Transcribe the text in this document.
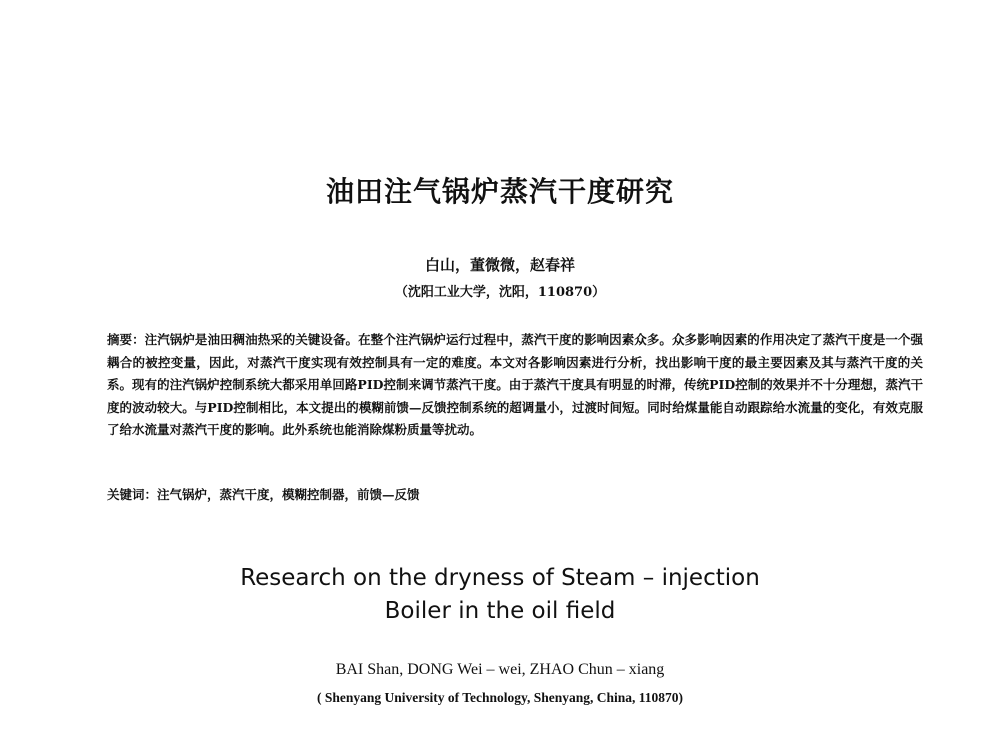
油田注气锅炉蒸汽干度研究
白山，董微微，赵春祥
（沈阳工业大学，沈阳，110870）
摘要：注汽锅炉是油田稠油热采的关键设备。在整个注汽锅炉运行过程中，蒸汽干度的影响因素众多。众多影响因素的作用决定了蒸汽干度是一个强耦合的被控变量，因此，对蒸汽干度实现有效控制具有一定的难度。本文对各影响因素进行分析，找出影响干度的最主要因素及其与蒸汽干度的关系。现有的注汽锅炉控制系统大都采用单回路PID控制来调节蒸汽干度。由于蒸汽干度具有明显的时滞，传统PID控制的效果并不十分理想，蒸汽干度的波动较大。与PID控制相比，本文提出的模糊前馈—反馈控制系统的超调量小，过渡时间短。同时给煤量能自动跟踪给水流量的变化，有效克服了给水流量对蒸汽干度的影响。此外系统也能消除煤粉质量等扰动。
关键词：注气锅炉，蒸汽干度，模糊控制器，前馈—反馈
Research on the dryness of Steam – injection
Boiler in the oil field
BAI Shan, DONG Wei – wei, ZHAO Chun – xiang
( Shenyang University of Technology, Shenyang, China, 110870)
